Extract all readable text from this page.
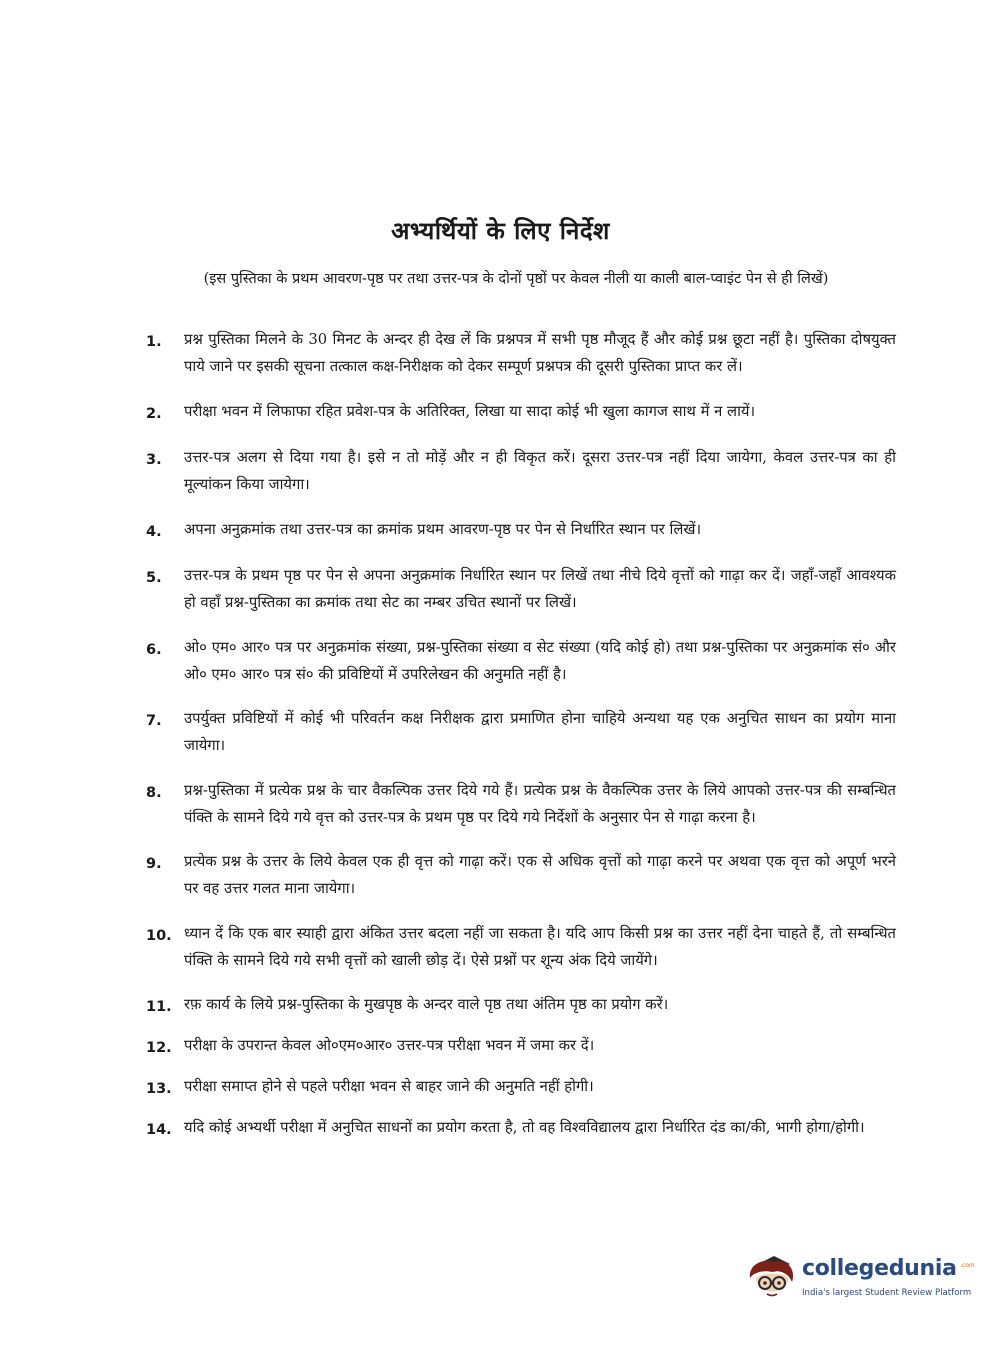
अभ्यर्थियों के लिए निर्देश
(इस पुस्तिका के प्रथम आवरण-पृष्ठ पर तथा उत्तर-पत्र के दोनों पृष्ठों पर केवल नीली या काली बाल-प्वाइंट पेन से ही लिखें)
1.	प्रश्न पुस्तिका मिलने के 30 मिनट के अन्दर ही देख लें कि प्रश्नपत्र में सभी पृष्ठ मौजूद हैं और कोई प्रश्न छूटा नहीं है। पुस्तिका दोषयुक्त पाये जाने पर इसकी सूचना तत्काल कक्ष-निरीक्षक को देकर सम्पूर्ण प्रश्नपत्र की दूसरी पुस्तिका प्राप्त कर लें।
2.	परीक्षा भवन में लिफाफा रहित प्रवेश-पत्र के अतिरिक्त, लिखा या सादा कोई भी खुला कागज साथ में न लायें।
3.	उत्तर-पत्र अलग से दिया गया है। इसे न तो मोड़ें और न ही विकृत करें। दूसरा उत्तर-पत्र नहीं दिया जायेगा, केवल उत्तर-पत्र का ही मूल्यांकन किया जायेगा।
4.	अपना अनुक्रमांक तथा उत्तर-पत्र का क्रमांक प्रथम आवरण-पृष्ठ पर पेन से निर्धारित स्थान पर लिखें।
5.	उत्तर-पत्र के प्रथम पृष्ठ पर पेन से अपना अनुक्रमांक निर्धारित स्थान पर लिखें तथा नीचे दिये वृत्तों को गाढ़ा कर दें। जहाँ-जहाँ आवश्यक हो वहाँ प्रश्न-पुस्तिका का क्रमांक तथा सेट का नम्बर उचित स्थानों पर लिखें।
6.	ओ० एम० आर० पत्र पर अनुक्रमांक संख्या, प्रश्न-पुस्तिका संख्या व सेट संख्या (यदि कोई हो) तथा प्रश्न-पुस्तिका पर अनुक्रमांक सं० और ओ० एम० आर० पत्र सं० की प्रविष्टियों में उपरिलेखन की अनुमति नहीं है।
7.	उपर्युक्त प्रविष्टियों में कोई भी परिवर्तन कक्ष निरीक्षक द्वारा प्रमाणित होना चाहिये अन्यथा यह एक अनुचित साधन का प्रयोग माना जायेगा।
8.	प्रश्न-पुस्तिका में प्रत्येक प्रश्न के चार वैकल्पिक उत्तर दिये गये हैं। प्रत्येक प्रश्न के वैकल्पिक उत्तर के लिये आपको उत्तर-पत्र की सम्बन्धित पंक्ति के सामने दिये गये वृत्त को उत्तर-पत्र के प्रथम पृष्ठ पर दिये गये निर्देशों के अनुसार पेन से गाढ़ा करना है।
9.	प्रत्येक प्रश्न के उत्तर के लिये केवल एक ही वृत्त को गाढ़ा करें। एक से अधिक वृत्तों को गाढ़ा करने पर अथवा एक वृत्त को अपूर्ण भरने पर वह उत्तर गलत माना जायेगा।
10. ध्यान दें कि एक बार स्याही द्वारा अंकित उत्तर बदला नहीं जा सकता है। यदि आप किसी प्रश्न का उत्तर नहीं देना चाहते हैं, तो सम्बन्धित पंक्ति के सामने दिये गये सभी वृत्तों को खाली छोड़ दें। ऐसे प्रश्नों पर शून्य अंक दिये जायेंगे।
11. रफ़ कार्य के लिये प्रश्न-पुस्तिका के मुखपृष्ठ के अन्दर वाले पृष्ठ तथा अंतिम पृष्ठ का प्रयोग करें।
12. परीक्षा के उपरान्त केवल ओ०एम०आर० उत्तर-पत्र परीक्षा भवन में जमा कर दें।
13. परीक्षा समाप्त होने से पहले परीक्षा भवन से बाहर जाने की अनुमति नहीं होगी।
14. यदि कोई अभ्यर्थी परीक्षा में अनुचित साधनों का प्रयोग करता है, तो वह विश्वविद्यालय द्वारा निर्धारित दंड का/की, भागी होगा/होगी।
collegedunia .com
India's largest Student Review Platform
